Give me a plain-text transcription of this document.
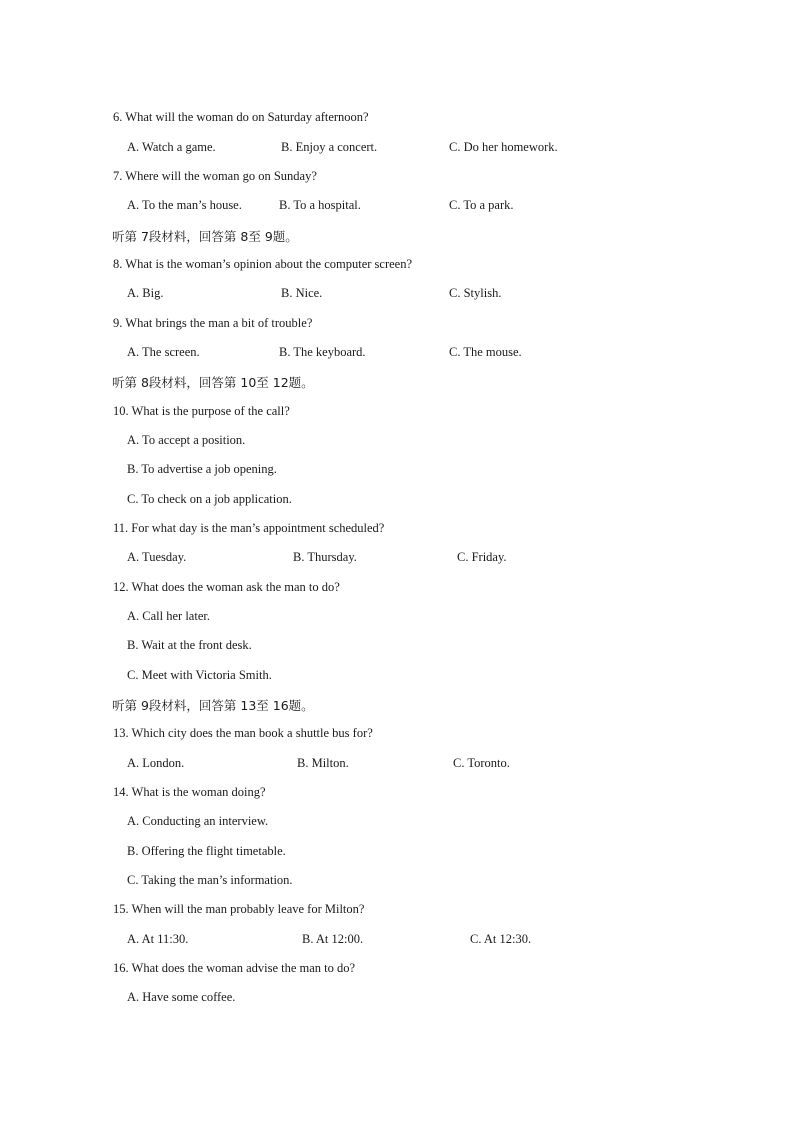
6. What will the woman do on Saturday afternoon?
A. Watch a game.	B. Enjoy a concert.	C. Do her homework.
7. Where will the woman go on Sunday?
A. To the man’s house.	B. To a hospital.	C. To a park.
听第 7段材料，回答第 8至 9题。
8. What is the woman’s opinion about the computer screen?
A. Big.	B. Nice.	C. Stylish.
9. What brings the man a bit of trouble?
A. The screen.	B. The keyboard.	C. The mouse.
听第 8段材料，回答第 10至 12题。
10. What is the purpose of the call?
A. To accept a position.
B. To advertise a job opening.
C. To check on a job application.
11. For what day is the man’s appointment scheduled?
A. Tuesday.	B. Thursday.	C. Friday.
12. What does the woman ask the man to do?
A. Call her later.
B. Wait at the front desk.
C. Meet with Victoria Smith.
听第 9段材料，回答第 13至 16题。
13. Which city does the man book a shuttle bus for?
A. London.	B. Milton.	C. Toronto.
14. What is the woman doing?
A. Conducting an interview.
B. Offering the flight timetable.
C. Taking the man’s information.
15. When will the man probably leave for Milton?
A. At 11:30.	B. At 12:00.	C. At 12:30.
16. What does the woman advise the man to do?
A. Have some coffee.
